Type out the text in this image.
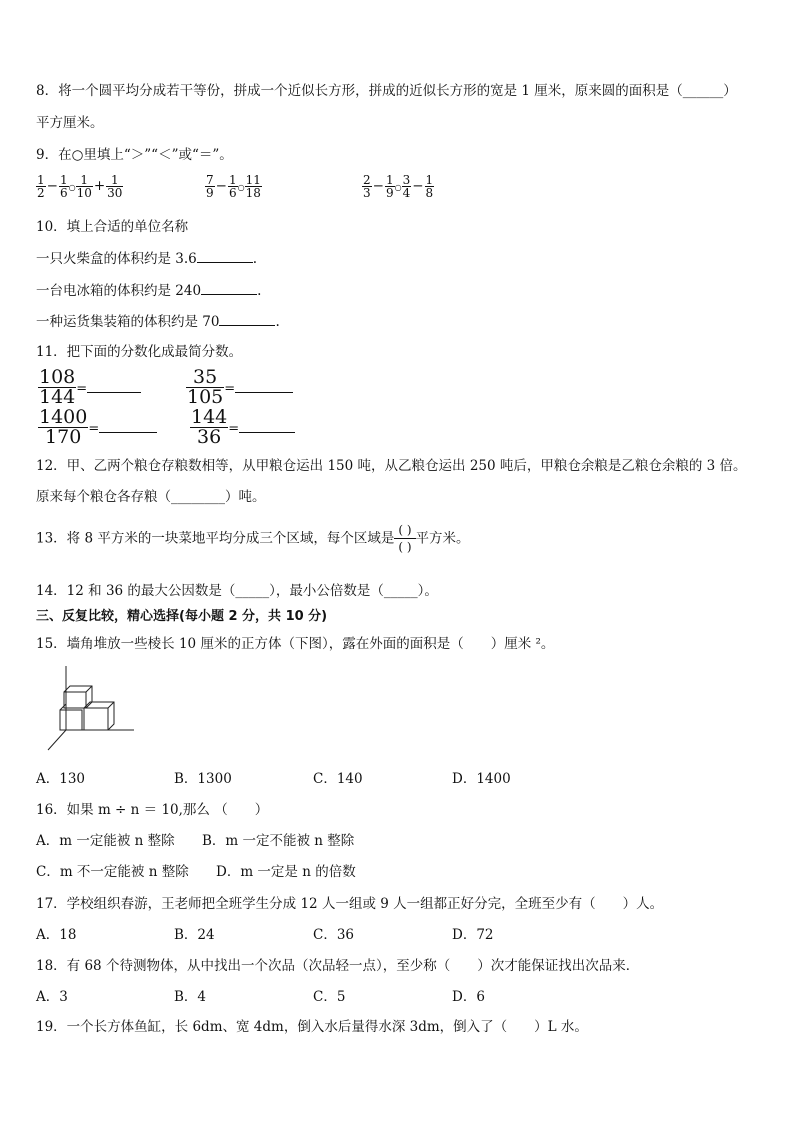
8．将一个圆平均分成若干等份，拼成一个近似长方形，拼成的近似长方形的宽是 1 厘米，原来圆的面积是（______）
平方厘米。
9．在○里填上“＞”“＜”或“＝”。
$\frac{1}{2} - \frac{1}{6}$ ○ $\frac{1}{10} + \frac{1}{30}$	$\frac{7}{9} - \frac{1}{6}$ ○ $\frac{11}{18}$	$\frac{2}{3} - \frac{1}{9}$ ○ $\frac{3}{4} - \frac{1}{8}$
10．填上合适的单位名称
一只火柴盒的体积约是 3.6	.
一台电冰箱的体积约是 240	.
一种运货集装箱的体积约是 70	.
11．把下面的分数化成最简分数。
$\frac{108}{144}$ =	$\frac{35}{105}$ =
$\frac{1400}{170}$ =	$\frac{144}{36}$ =
12．甲、乙两个粮仓存粮数相等，从甲粮仓运出 150 吨，从乙粮仓运出 250 吨后，甲粮仓余粮是乙粮仓余粮的 3 倍。
原来每个粮仓各存粮（________）吨。
13．将 8 平方米的一块菜地平均分成三个区域，每个区域是 $\frac{( )}{( )}$ 平方米。
14．12 和 36 的最大公因数是（_____），最小公倍数是（_____）。
三、反复比较，精心选择(每小题 2 分，共 10 分)
15．墙角堆放一些棱长 10 厘米的正方体（下图），露在外面的面积是（　　）厘米 ²。
A．130	B．1300	C．140	D．1400
16．如果 m ÷ n ＝ 10,那么 （　　）
A．m 一定能被 n 整除 B．m 一定不能被 n 整除
C．m 不一定能被 n 整除 D．m 一定是 n 的倍数
17．学校组织春游，王老师把全班学生分成 12 人一组或 9 人一组都正好分完，全班至少有（　　）人。
A．18	B．24	C．36	D．72
18．有 68 个待测物体，从中找出一个次品（次品轻一点），至少称（　　）次才能保证找出次品来．
A．3	B．4	C．5	D．6
19．一个长方体鱼缸，长 6dm、宽 4dm，倒入水后量得水深 3dm，倒入了（　　）L 水。
